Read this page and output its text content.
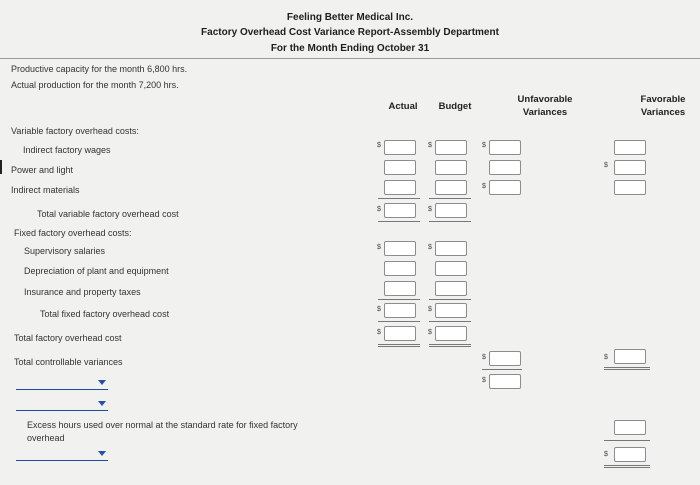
Feeling Better Medical Inc.
Factory Overhead Cost Variance Report-Assembly Department
For the Month Ending October 31
Productive capacity for the month 6,800 hrs.
Actual production for the month 7,200 hrs.
Actual	Budget
Unfavorable
Variances
Favorable
Variances
Variable factory overhead costs:
Indirect factory wages
Power and light
Indirect materials
Total variable factory overhead cost
Fixed factory overhead costs:
Supervisory salaries
Depreciation of plant and equipment
Insurance and property taxes
Total fixed factory overhead cost
Total factory overhead cost
Total controllable variances
Excess hours used over normal at the standard rate for fixed factory
overhead
$
$
$
$
$
$
$
$
$
$
$
$
$
$
$
$
$
